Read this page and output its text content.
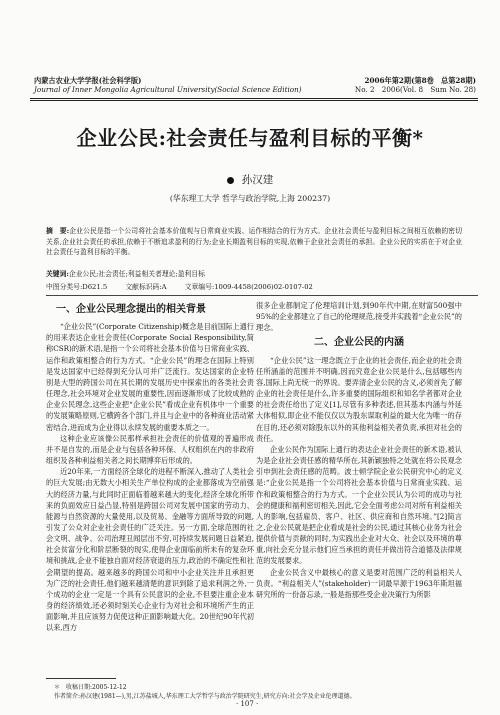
内蒙古农业大学学报(社会科学版)
Journal of Inner Mongolia Agricultural University(Social Science Edition)
2006年第2期(第8卷　总第28期)
No. 2　2006(Vol. 8　Sum No. 28)
企业公民:社会责任与盈利目标的平衡*
孙汉建
(华东理工大学 哲学与政治学院,上海 200237)
摘　要:企业公民是指一个公司将社会基本价值观与日常商业实践、运作相结合的行为方式。企业社会责任与盈利目标之间相互依赖的密切关系,企业社会责任的承担,依赖于不断追求盈利的行为;企业长期盈利目标的实现,依赖于企业社会责任的承担。企业公民的实质在于对企业社会责任与盈利目标的平衡。
关键词:企业公民;社会责任;利益相关者理论;盈利目标
中图分类号:D621.5	文献标识码:A	文章编号:1009-4458(2006)02-0107-02
一、企业公民理念提出的相关背景

“企业公民”(Corporate Citizenship)概念是目前国际上通行的用来表达企业社会责任(Corporate Social Responsibility,简称CSR)的新术语,是指一个公司将社会基本价值与日常商业实践、运作和政策相整合的行为方式。“企业公民”的理念在国际上特别是发达国家中已经得到充分认可并广泛流行。发达国家的企业特别是大型的跨国公司在其长期的发展历史中探索出的各类社会责任理念,社会环境对企业发展的重要性,因而逐渐形成了比较成熟的企业公民理念,这些企业把“企业公民”看成企业有机体中一个重要的发展策略原则,它横跨各个部门,并且与企业中的各种商业活动紧密结合,进而成为企业得以永续发展的重要本质之一。

这种企业应该像公民那样承担社会责任的价值观的普遍形成并不是自发的,而是企业与包括各种环保、人权组织在内的非政府组织及各种利益相关者之间长期博弈后形成的。

近20年来,一方面经济全球化的进程不断深入,推动了人类社会的巨大发展;由无数大小相关生产单位构成的企业都落成为空前强大的经济力量,与此同时正面临着越来越大的变化,经济全球化所带来的负面效应日益凸显,特别是跨国公司对发展中国家的劳动力、能源与自然资源的大量使用,以及贸易、金融等方面所导致的问题,引发了公众对企业社会责任的广泛关注。另一方面,全球范围的社会文明、战争、公司治理丑闻层出不穷,可持续发展问题日益紧迫,社会贫富分化和阶层断裂的现实,使得企业面临前所未有的复杂环境和挑战,企业不能独自面对经济衰退的压力,政治的不确定性和社会期望的提高。越来越多的跨国公司和中小企业关注并且承担更为广泛的社会责任,他们越来越清楚的意识到除了追求利润之外,一个成功的企业一定是一个具有公民意识的企业,不但要注重企业本身的经济绩效,还必须时刻关心企业行为对社会和环境所产生的正面影响,并且应该努力促使这种正面影响最大化。20世纪90年代初以来,西方

很多企业都制定了伦理培训计划,到90年代中期,在财富500强中95%的企业都建立了自己的伦理规范,接受并实践着“企业公民”的理念。

二、企业公民的内涵

“企业公民”这一理念既立于企业的社会责任,而企业的社会责任所涵盖的范围并不明确,因而究竟企业公民是什么,包括哪些内容,国际上尚无统一的界说。要弄清企业公民的含义,必须首先了解企业的社会责任是什么,许多重要的国际组织和知名学者都对企业的社会责任给出了定义[1],尽管有多种表述,但其基本内涵与外延大体相似,即企业不能仅仅以为股东谋取利益的最大化为唯一的存在目的,还必须对除股东以外的其他利益相关者负责,承担对社会的责任。

企业公民作为国际上通行的表达企业社会责任的新术语,被认为是企业社会责任感的精华所在,其新颖独特之处就在将公民观念引申到社会责任感的范畴。波士顿学院企业公民研究中心的定义是:“企业公民是指一个公司将社会基本价值与日常商业实践、运作和政策相整合的行为方式。一个企业公民认为公司的成功与社会的健康和福利密切相关,因此,它会全面考虑公司对所有利益相关人的影响,包括雇员、客户、社区、供应商和自然环境。”[2]简言之,企业公民就是把企业看成是社会的公民,通过其核心业务为社会提供价值与贡献的同时,为实践出企业对大众、社会以及环境的尊重,向社会充分显示他们应当承担的责任并做出符合道德及法律规范的发展要求。

企业公民含义中最核心的意义是要对范围广泛的利益相关人负责。“利益相关人”(stakeholder)一词最早源于1963年斯坦福研究所的一份备忘录,一般是指那些受企业决策行为所影

＊　收稿日期:2005-12-12
作者简介:孙汉建(1981—),男,江苏盐城人,华东理工大学哲学与政治学院研究生,研究方向:社会学及企业伦理道德。
· 107 ·
